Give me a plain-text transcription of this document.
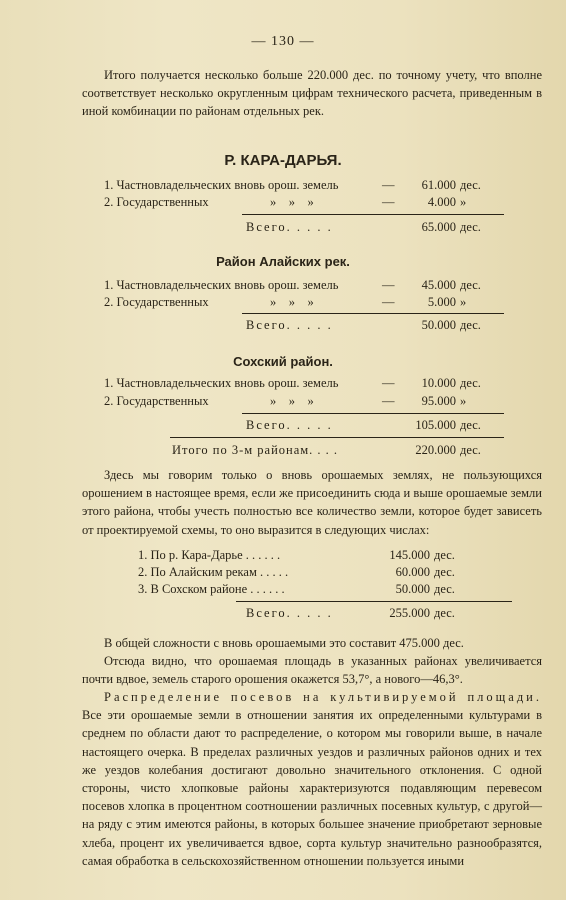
— 130 —

Итого получается несколько больше 220.000 дес. по точному учету, что вполне соответствует несколько округленным цифрам технического расчета, приведенным в иной комбинации по районам отдельных рек.

Р. КАРА-ДАРЬЯ.
1. Частновладельческих вновь орош. земель	—	61.000 дес.
2. Государственных	»    »    »	—	4.000 »
Всего. . . . .	65.000 дес.
Район Алайских рек.
1. Частновладельческих вновь орош. земель	—	45.000 дес.
2. Государственных	»    »    »	—	5.000 »
Всего. . . . .	50.000 дес.
Сохский район.
1. Частновладельческих вновь орош. земель	—	10.000 дес.
2. Государственных	»    »    »	—	95.000 »
Всего. . . . .	105.000 дес.
Итого по 3-м районам. . . .	220.000 дес.

Здесь мы говорим только о вновь орошаемых землях, не пользующихся орошением в настоящее время, если же присоединить сюда и выше орошаемые земли этого района, чтобы учесть полностью все количество земли, которое будет зависеть от проектируемой схемы, то оно выразится в следующих числах:

1. По р. Кара-Дарье . . . . . .	145.000 дес.
2. По Алайским рекам . . . . .	60.000 дес.
3. В Сохском районе . . . . . .	50.000 дес.
Всего. . . . .	255.000 дес.

В общей сложности с вновь орошаемыми это составит 475.000 дес.

Отсюда видно, что орошаемая площадь в указанных районах увеличивается почти вдвое, земель старого орошения окажется 53,7°, а нового—46,3°.

Распределение посевов на культивируемой площади. Все эти орошаемые земли в отношении занятия их определенными культурами в среднем по области дают то распределение, о котором мы говорили выше, в начале настоящего очерка. В пределах различных уездов и различных районов одних и тех же уездов колебания достигают довольно значительного отклонения. С одной стороны, чисто хлопковые районы характеризуются подавляющим перевесом посевов хлопка в процентном соотношении различных посевных культур, с другой—на ряду с этим имеются районы, в которых большее значение приобретают зерновые хлеба, процент их увеличивается вдвое, сорта культур значительно разнообразятся, самая обработка в сельскохозяйственном отношении пользуется иными
